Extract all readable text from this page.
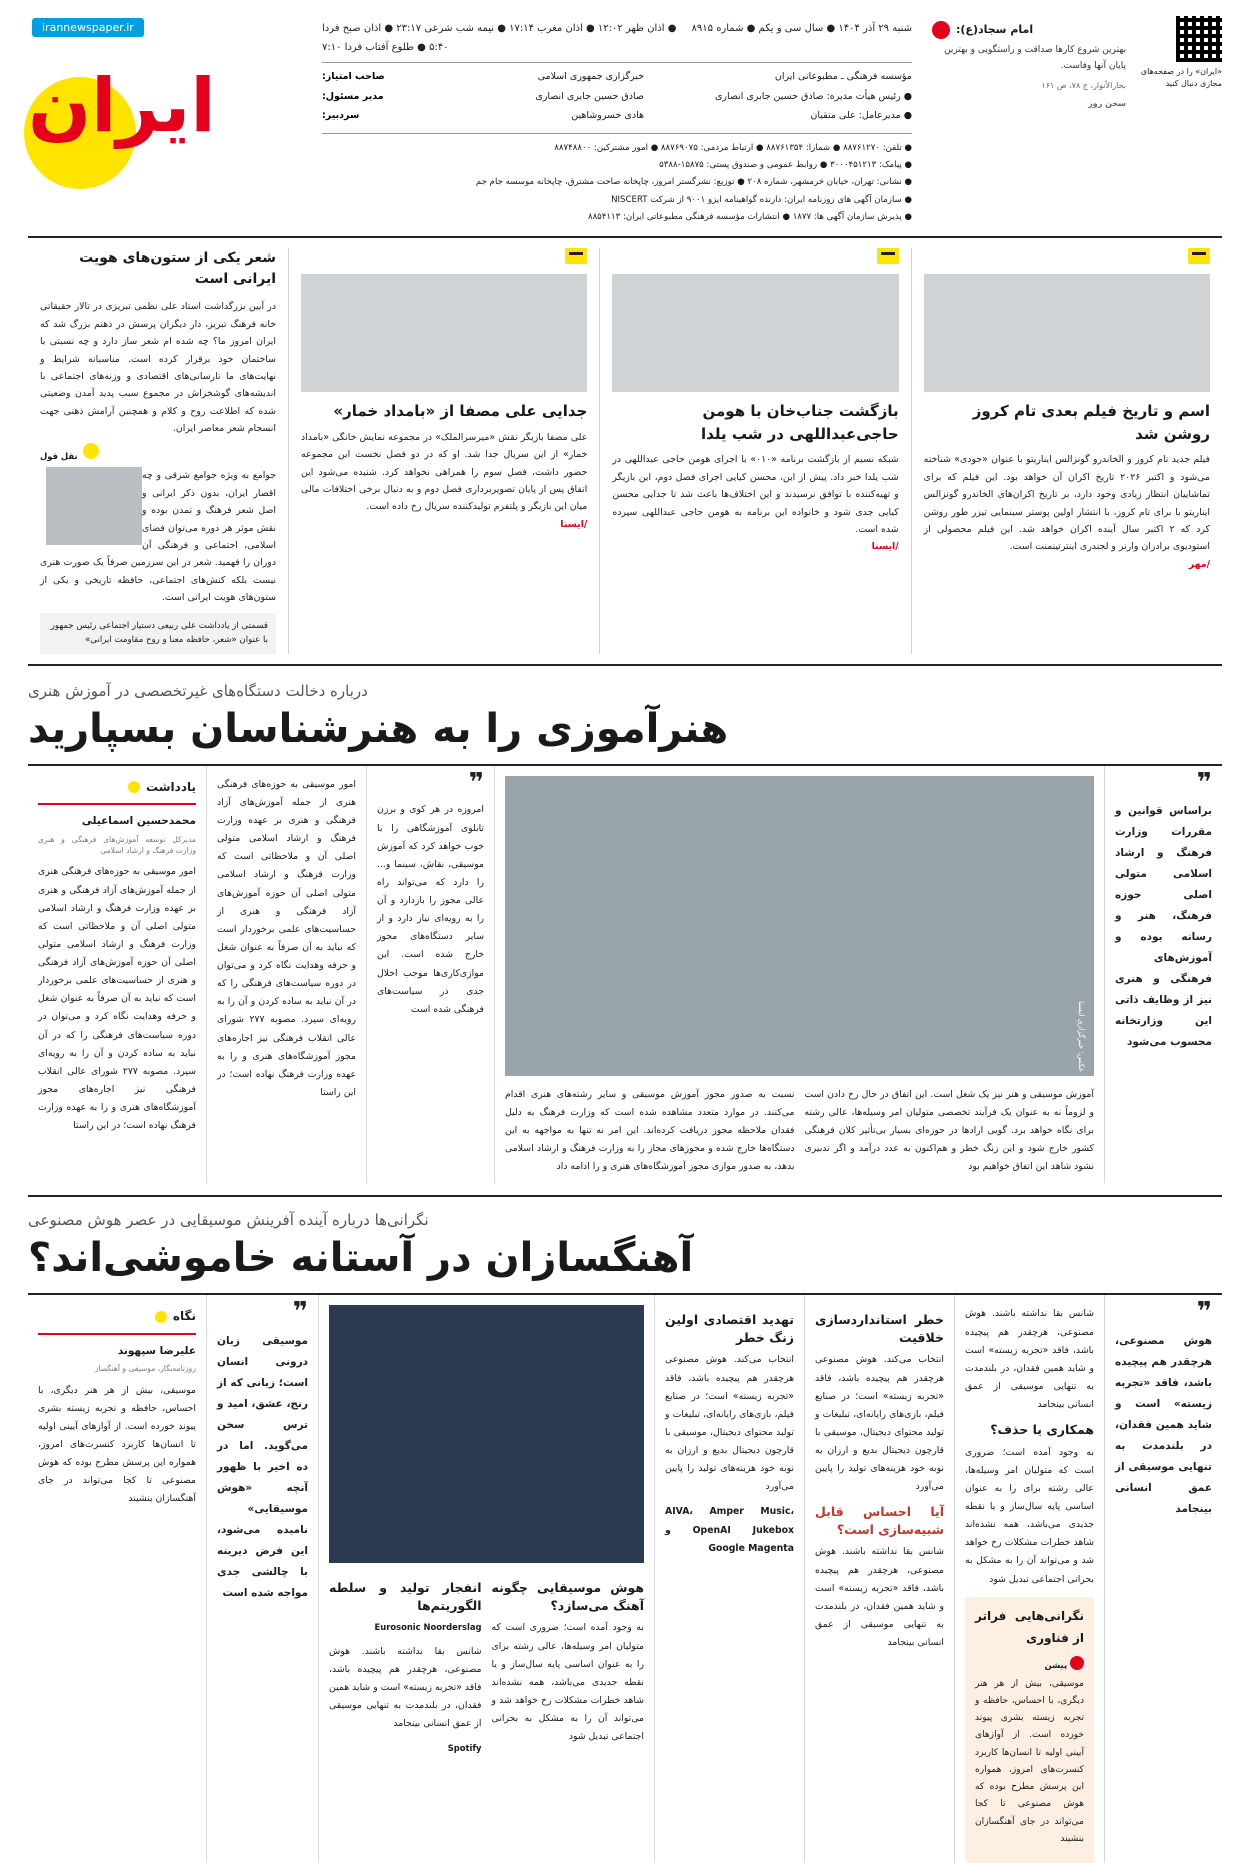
«ایران» را در صفحه‌های مجازی دنبال کنید
امام سجاد(ع):
بهترین شروع کارها صداقت و راستگویی و بهترین پایان آنها وفاست.
بحارالأنوار، ج ۷۸، ص ۱۶۱
سخن روز
شنبه ۲۹ آذر ۱۴۰۴ ● سال سی و یکم ● شماره ۸۹۱۵
● اذان ظهر ۱۲:۰۲ ● اذان مغرب ۱۷:۱۴ ● نیمه شب شرعی ۲۳:۱۷ ● اذان صبح فردا ۵:۴۰ ● طلوع آفتاب فردا ۷:۱۰
مؤسسه فرهنگی ـ مطبوعاتی ایران
● رئیس هیأت مدیره: صادق حسین جابری انصاری
● مدیرعامل: علی متقیان
خبرگزاری جمهوری اسلامی
صادق حسین جابری انصاری
هادی خسروشاهین
صاحب امتیاز:
مدیر مسئول:
سردبیر:
● تلفن: ۸۸۷۶۱۲۷۰ ● شمارا: ۸۸۷۶۱۳۵۴ ● ارتباط مردمی: ۸۸۷۶۹۰۷۵ ● امور مشترکین: ۸۸۷۴۸۸۰۰
● پیامک: ۳۰۰۰۴۵۱۲۱۳ ● روابط عمومی و صندوق پستی: ۱۵۸۷۵-۵۳۸۸
● نشانی: تهران، خیابان خرمشهر، شماره ۲۰۸ ● توزیع: نشرگستر امروز، چاپخانه صاحت مشترق، چاپخانه موسسه جام جم
● سازمان آگهی های روزنامه ایران: دارنده گواهینامه ایزو ۹۰۰۱ از شرکت NISCERT
● پذیرش سازمان آگهی ها: ۱۸۷۷ ● انتشارات مؤسسه فرهنگی مطبوعاتی ایران: ۸۸۵۴۱۱۳
irannewspaper.ir
ایران
اسم و تاریخ فیلم بعدی تام کروز روشن شد

فیلم جدید تام کروز و الخاندرو گونزالس ایناریتو با عنوان «جودی» شناخته می‌شود و اکتبر ۲۰۲۶ تاریخ اکران آن خواهد بود. این فیلم که برای تماشاییان انتظار زیادی وجود دارد، بر تاریخ اکران‌های الخاندرو گونزالس ایناریتو با برای تام کروز، با انتشار اولین پوستر سینمایی تیزر طور روشن کرد که ۲ اکتبر سال آینده اکران خواهد شد. این فیلم محصولی از استودیوی برادران وارنر و لجندری اینترتینمنت است.

/مهر

بازگشت جناب‌خان با هومن حاجی‌عبداللهی در شب یلدا

شبکه نسیم از بازگشت برنامه «۰۱۰» با اجرای هومن حاجی عبداللهی در شب یلدا خبر داد. پیش از این، محسن کیایی اجرای فصل دوم، این بازیگر و تهیه‌کننده با توافق نرسیدند و این اختلاف‌ها باعث شد تا جدایی محسن کیایی جدی شود و خانواده این برنامه به هومن حاجی عبداللهی سپرده شده است.

/ایسنا

جدایی علی مصفا از «بامداد خمار»

علی مصفا بازیگر نقش «میرسرالملک» در مجموعه نمایش خانگی «بامداد خمار» از این سریال جدا شد. او که در دو فصل نخست این مجموعه حضور داشت، فصل سوم را همراهی نخواهد کرد. شنیده می‌شود این اتفاق پس از پایان تصویربرداری فصل دوم و به دنبال برخی اختلافات مالی میان این بازیگر و پلتفرم تولیدکننده سریال رخ داده است.

/ایسنا

شعر یکی از ستون‌های هویت ایرانی است

در آیین بزرگداشت استاد علی نظمی تبریزی در تالار حقیقاتی خانه فرهنگ تبریز، دار دیگران پرسش در ذهنم بزرگ شد که ایران امروز ما؟ چه شده ام شعر ساز دارد و چه نسبتی با ساختمان خود برقرار کرده است. مناسبانه شرایط و نهایت‌های ما تارسانی‌های اقتصادی و وزنه‌های اجتماعی با اندیشه‌های گوشخراش در مجموع سبب پدید آمدن وضعیتی شده که اطلاعت روح و کلام و همچنین آرامش ذهنی جهت انسجام شعر معاصر ایران.

نقل قول

جوامع به ویژه جوامع شرقی و چه اقصار ایران، بدون ذکر ایرانی و اصل شعر فرهنگ و تمدن بوده و نقش موثر هر دوره می‌توان فضای اسلامی، اجتماعی و فرهنگی آن دوران را فهمید. شعر در این سرزمین صرفاً یک صورت هنری نیست بلکه کنش‌های اجتماعی، حافظه تاریخی و یکی از ستون‌های هویت ایرانی است.

قسمتی از یادداشت علی ربیعی دستیار اجتماعی رئیس جمهور با عنوان «شعر، حافظه معنا و روح مقاومت ایرانی»
درباره دخالت دستگاه‌های غیرتخصصی در آموزش هنری
هنرآموزی را به هنرشناسان بسپارید
❞
براساس قوانین و مقررات وزارت فرهنگ و ارشاد اسلامی متولی اصلی حوزه فرهنگ، هنر و رسانه بوده و آموزش‌های فرهنگی و هنری نیز از وظایف ذاتی این وزارتخانه محسوب می‌شود
عکس: خبرگزاری ایسنا

آموزش موسیقی و هنر نیز یک شغل است. این اتفاق در حال رخ دادن است و لزوماً نه به عنوان یک فرآیند تخصصی متولیان امر وسیله‌ها، عالی رشته برای نگاه خواهد برد. گویی ارادها در حوزه‌ای بسیار بی‌تأثیر کلان فرهنگی کشور خارج شود و این زنگ خطر و هم‌اکنون به عدد درآمد و اگر تدبیری نشود شاهد این اتفاق خواهیم بود

نسبت به صدور مجوز آموزش موسیقی و سایر رشته‌های هنری اقدام می‌کنند. در موارد متعدد مشاهده شده است که وزارت فرهنگ به دلیل فقدان ملاحظه مجوز دریافت کرده‌اند. این امر نه تنها به مواجهه به این دستگاه‌ها خارج شده و مجوزهای مجاز را به وزارت فرهنگ و ارشاد اسلامی بدهد، به صدور موازی مجوز آموزشگاه‌های هنری و را ادامه داد

❞

امروزه در هر کوی و برزن تابلوی آموزشگاهی را با خوب خواهد کرد که آموزش موسیقی، نقاش، سینما و... را دارد که می‌تواند راه عالی مجوز را بازدارد و آن را به رویه‌ای نیاز دارد و از سایر دستگاه‌های مجوز خارج شده است. این موازی‌کاری‌ها موجب اخلال جدی در سیاست‌های فرهنگی شده است

امور موسیقی به حوزه‌های فرهنگی هنری از جمله آموزش‌های آزاد فرهنگی و هنری بر عهده وزارت فرهنگ و ارشاد اسلامی متولی اصلی آن و ملاحظاتی است که وزارت فرهنگ و ارشاد اسلامی متولی اصلی آن حوزه آموزش‌های آزاد فرهنگی و هنری از حساسیت‌های علمی برخوردار است که نباید به آن صرفاً به عنوان شغل و حرفه وهدایت نگاه کرد و می‌توان در دوره سیاست‌های فرهنگی را که در آن نباید به ساده کردن و آن را به رویه‌ای سپرد. مصوبه ۲۷۷ شورای عالی انقلاب فرهنگی نیز اجاره‌های مجوز آموزشگاه‌های هنری و را به عهده وزارت فرهنگ نهاده است؛ در این راستا

یادداشت
محمدحسین اسماعیلی
مدیرکل توسعه آموزش‌های فرهنگی و هنری وزارت فرهنگ و ارشاد اسلامی

امور موسیقی به حوزه‌های فرهنگی هنری از جمله آموزش‌های آزاد فرهنگی و هنری بر عهده وزارت فرهنگ و ارشاد اسلامی متولی اصلی آن و ملاحظاتی است که وزارت فرهنگ و ارشاد اسلامی متولی اصلی آن حوزه آموزش‌های آزاد فرهنگی و هنری از حساسیت‌های علمی برخوردار است که نباید به آن صرفاً به عنوان شغل و حرفه وهدایت نگاه کرد و می‌توان در دوره سیاست‌های فرهنگی را که در آن نباید به ساده کردن و آن را به رویه‌ای سپرد. مصوبه ۲۷۷ شورای عالی انقلاب فرهنگی نیز اجاره‌های مجوز آموزشگاه‌های هنری و را به عهده وزارت فرهنگ نهاده است؛ در این راستا

نگرانی‌ها درباره آینده آفرینش موسیقایی در عصر هوش مصنوعی
آهنگسازان در آستانه خاموشی‌اند؟
❞
هوش مصنوعی، هرچقدر هم پیچیده باشد، فاقد «تجربه زیسته» است و شاید همین فقدان، در بلندمدت به تنهایی موسیقی از عمق انسانی بینجامد

شانس بقا نداشته باشند. هوش مصنوعی، هرچقدر هم پیچیده باشد، فاقد «تجربه زیسته» است و شاید همین فقدان، در بلندمدت به تنهایی موسیقی از عمق انسانی بینجامد

همکاری یا حذف؟

به وجود آمده است؛ ضروری است که متولیان امر وسیله‌ها، عالی رشته برای را به عنوان اساسی پایه سال‌ساز و یا نقطه جدیدی می‌باشد، همه نشده‌اند شاهد خطرات مشکلات رخ خواهد شد و می‌تواند آن را به مشکل به بحرانی اجتماعی تبدیل شود

نگرانی‌هایی فراتر از فناوری
پیشن

موسیقی، بیش از هر هنر دیگری، با احساس، حافظه و تجربه زیسته بشری پیوند خورده است. از آوازهای آیینی اولیه تا انسان‌ها کاربرد کنسرت‌های امروز، همواره این پرسش مطرح بوده که هوش مصنوعی تا کجا می‌تواند در جای آهنگسازان بنشیند

خطر استانداردسازی خلاقیت

انتخاب می‌کند. هوش مصنوعی هرچقدر هم پیچیده باشد، فاقد «تجربه زیسته» است؛ در صنایع فیلم، بازی‌های رایانه‌ای، تبلیغات و تولید محتوای دیجیتال، موسیقی با قارچون دیجیتال بدیع و ارزان به نوبه خود هزینه‌های تولید را پایین می‌آورد

آیا احساس قابل شبیه‌سازی است؟

شانس بقا نداشته باشند. هوش مصنوعی، هرچقدر هم پیچیده باشد، فاقد «تجربه زیسته» است و شاید همین فقدان، در بلندمدت به تنهایی موسیقی از عمق انسانی بینجامد

تهدید اقتصادی اولین زنگ خطر

انتخاب می‌کند. هوش مصنوعی هرچقدر هم پیچیده باشد، فاقد «تجربه زیسته» است؛ در صنایع فیلم، بازی‌های رایانه‌ای، تبلیغات و تولید محتوای دیجیتال، موسیقی با قارچون دیجیتال بدیع و ارزان به نوبه خود هزینه‌های تولید را پایین می‌آورد

AIVA، Amper Music، OpenAI Jukebox و Google Magenta

هوش موسیقایی چگونه آهنگ می‌سازد؟

به وجود آمده است؛ ضروری است که متولیان امر وسیله‌ها، عالی رشته برای را به عنوان اساسی پایه سال‌ساز و یا نقطه جدیدی می‌باشد، همه نشده‌اند شاهد خطرات مشکلات رخ خواهد شد و می‌تواند آن را به مشکل به بحرانی اجتماعی تبدیل شود

انفجار تولید و سلطه الگوریتم‌ها

Eurosonic Noorderslag

شانس بقا نداشته باشند. هوش مصنوعی، هرچقدر هم پیچیده باشد، فاقد «تجربه زیسته» است و شاید همین فقدان، در بلندمدت به تنهایی موسیقی از عمق انسانی بینجامد

Spotify

❞
موسیقی زبان درونی انسان است؛ زبانی که از رنج، عشق، امید و ترس سخن می‌گوید. اما در ده اخیر با ظهور آنچه «هوش موسیقایی» نامیده می‌شود، این فرض دیرینه با چالشی جدی مواجه شده است
نگاه
علیرضا سپهوند
روزنامه‌نگار، موسیقی و آهنگساز

موسیقی، بیش از هر هنر دیگری، با احساس، حافظه و تجربه زیسته بشری پیوند خورده است. از آوازهای آیینی اولیه تا انسان‌ها کاربرد کنسرت‌های امروز، همواره این پرسش مطرح بوده که هوش مصنوعی تا کجا می‌تواند در جای آهنگسازان بنشیند
